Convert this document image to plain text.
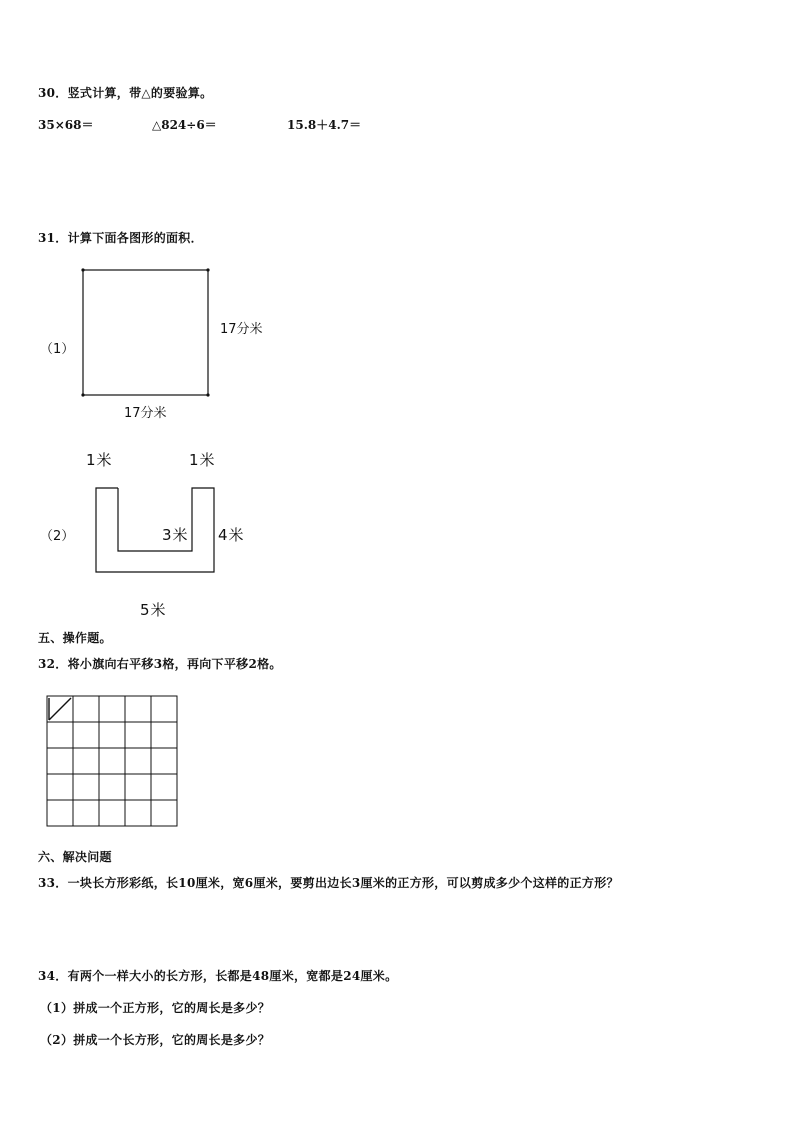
30．竖式计算，带△的要验算。
35×68＝	△824÷6＝	15.8＋4.7＝
31．计算下面各图形的面积．
（1）
17分米
17分米
1米	1米
（2）	3米 4米
5米
五、操作题。
32．将小旗向右平移3格，再向下平移2格。
六、解决问题
33．一块长方形彩纸，长10厘米，宽6厘米，要剪出边长3厘米的正方形，可以剪成多少个这样的正方形？
34．有两个一样大小的长方形，长都是48厘米，宽都是24厘米。
（1）拼成一个正方形，它的周长是多少？
（2）拼成一个长方形，它的周长是多少？
